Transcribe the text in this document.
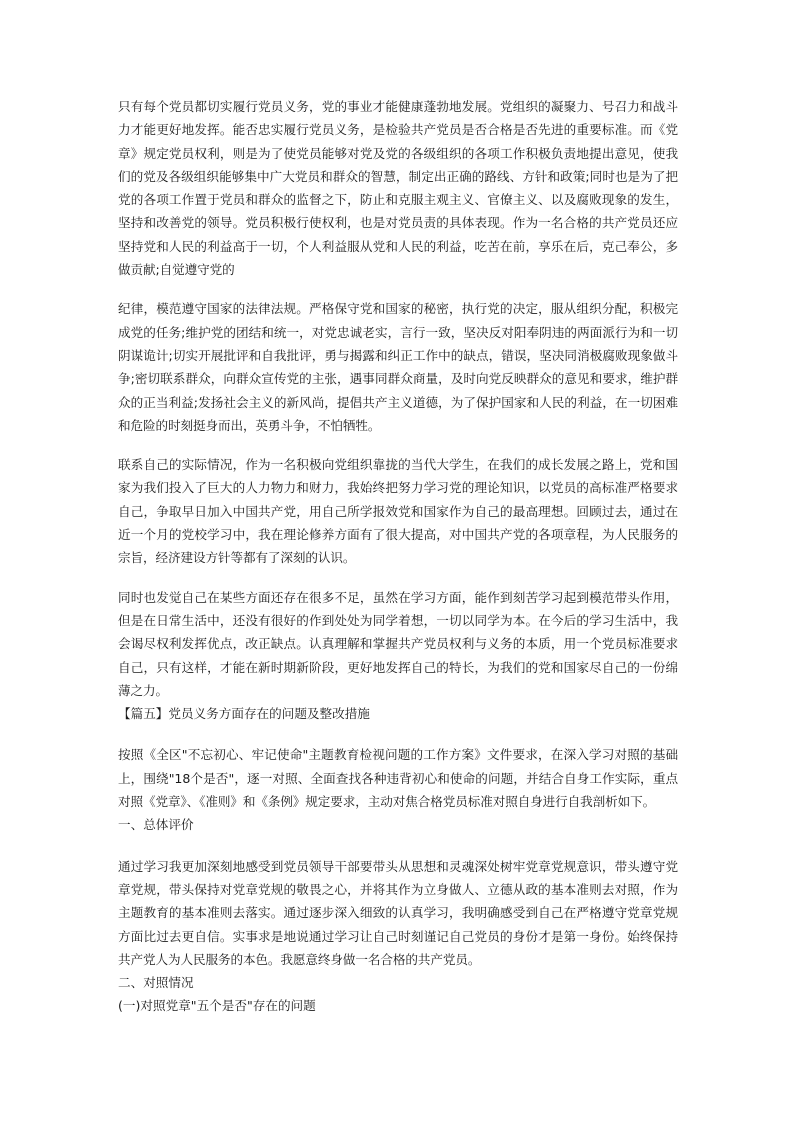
只有每个党员都切实履行党员义务，党的事业才能健康蓬勃地发展。党组织的凝聚力、号召力和战斗力才能更好地发挥。能否忠实履行党员义务，是检验共产党员是否合格是否先进的重要标准。而《党章》规定党员权利，则是为了使党员能够对党及党的各级组织的各项工作积极负责地提出意见，使我们的党及各级组织能够集中广大党员和群众的智慧，制定出正确的路线、方针和政策;同时也是为了把党的各项工作置于党员和群众的监督之下，防止和克服主观主义、官僚主义、以及腐败现象的发生，坚持和改善党的领导。党员积极行使权利，也是对党员责的具体表现。作为一名合格的共产党员还应坚持党和人民的利益高于一切，个人利益服从党和人民的利益，吃苦在前，享乐在后，克己奉公，多做贡献;自觉遵守党的

纪律，模范遵守国家的法律法规。严格保守党和国家的秘密，执行党的决定，服从组织分配，积极完成党的任务;维护党的团结和统一，对党忠诚老实，言行一致，坚决反对阳奉阴违的两面派行为和一切阴谋诡计;切实开展批评和自我批评，勇与揭露和纠正工作中的缺点，错误，坚决同消极腐败现象做斗争;密切联系群众，向群众宣传党的主张，遇事同群众商量，及时向党反映群众的意见和要求，维护群众的正当利益;发扬社会主义的新风尚，提倡共产主义道德，为了保护国家和人民的利益，在一切困难和危险的时刻挺身而出，英勇斗争，不怕牺牲。

联系自己的实际情况，作为一名积极向党组织靠拢的当代大学生，在我们的成长发展之路上，党和国家为我们投入了巨大的人力物力和财力，我始终把努力学习党的理论知识，以党员的高标准严格要求自己，争取早日加入中国共产党，用自己所学报效党和国家作为自己的最高理想。回顾过去，通过在近一个月的党校学习中，我在理论修养方面有了很大提高，对中国共产党的各项章程，为人民服务的宗旨，经济建设方针等都有了深刻的认识。

同时也发觉自己在某些方面还存在很多不足，虽然在学习方面，能作到刻苦学习起到模范带头作用，但是在日常生活中，还没有很好的作到处处为同学着想，一切以同学为本。在今后的学习生活中，我会谒尽权利发挥优点，改正缺点。认真理解和掌握共产党员权利与义务的本质，用一个党员标准要求自己，只有这样，才能在新时期新阶段，更好地发挥自己的特长，为我们的党和国家尽自己的一份绵薄之力。

【篇五】党员义务方面存在的问题及整改措施

按照《全区"不忘初心、牢记使命"主题教育检视问题的工作方案》文件要求，在深入学习对照的基础上，围绕"18个是否"，逐一对照、全面查找各种违背初心和使命的问题，并结合自身工作实际，重点对照《党章》、《准则》和《条例》规定要求，主动对焦合格党员标准对照自身进行自我剖析如下。

一、总体评价

通过学习我更加深刻地感受到党员领导干部要带头从思想和灵魂深处树牢党章党规意识，带头遵守党章党规，带头保持对党章党规的敬畏之心，并将其作为立身做人、立德从政的基本准则去对照，作为主题教育的基本准则去落实。通过逐步深入细致的认真学习，我明确感受到自己在严格遵守党章党规方面比过去更自信。实事求是地说通过学习让自己时刻谨记自己党员的身份才是第一身份。始终保持共产党人为人民服务的本色。我愿意终身做一名合格的共产党员。

二、对照情况

(一)对照党章"五个是否"存在的问题
